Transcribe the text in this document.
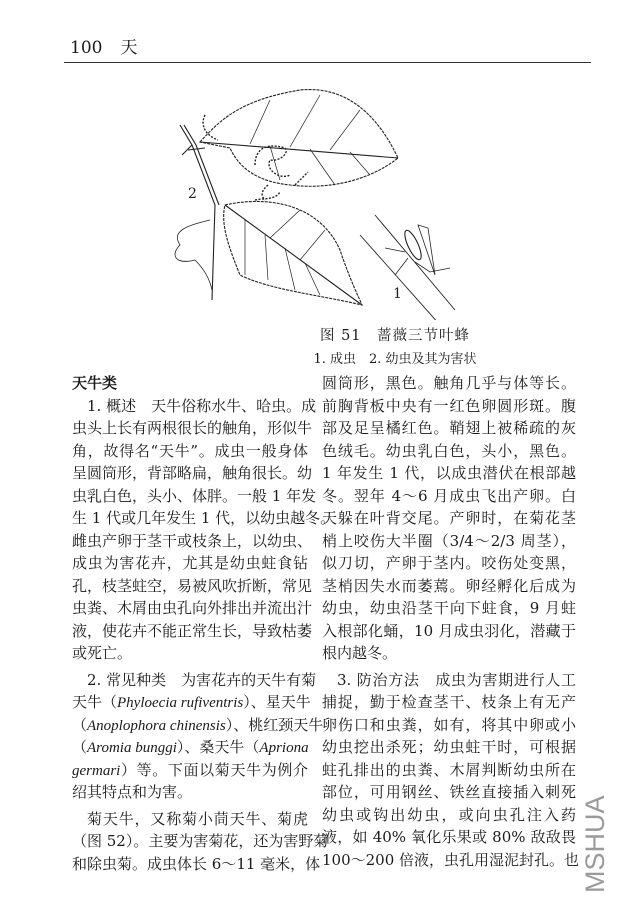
100 天
2
1
图 51　蔷薇三节叶蜂
1. 成虫　2. 幼虫及其为害状
天牛类
1. 概述　天牛俗称水牛、哈虫。成
虫头上长有两根很长的触角，形似牛
角，故得名“天牛”。成虫一般身体
呈圆筒形，背部略扁，触角很长。幼
虫乳白色，头小、体胖。一般 1 年发
生 1 代或几年发生 1 代，以幼虫越冬。
雌虫产卵于茎干或枝条上，以幼虫、
成虫为害花卉，尤其是幼虫蛀食钻
孔，枝茎蛀空，易被风吹折断，常见
虫粪、木屑由虫孔向外排出并流出汁
液，使花卉不能正常生长，导致枯萎
或死亡。
2. 常见种类　为害花卉的天牛有菊
天牛（Phyloecia rufiventris）、星天牛
（Anoplophora chinensis）、桃红颈天牛
（Aromia bunggi）、桑天牛（Apriona
germari）等。下面以菊天牛为例介
绍其特点和为害。
菊天牛，又称菊小茼天牛、菊虎
（图 52）。主要为害菊花，还为害野菊
和除虫菊。成虫体长 6～11 毫米，体
圆筒形，黑色。触角几乎与体等长。
前胸背板中央有一红色卵圆形斑。腹
部及足呈橘红色。鞘翅上被稀疏的灰
色绒毛。幼虫乳白色，头小，黑色。
1 年发生 1 代，以成虫潜伏在根部越
冬。翌年 4～6 月成虫飞出产卵。白
天躲在叶背交尾。产卵时，在菊花茎
梢上咬伤大半圈（3/4～2/3 周茎），
似刀切，产卵于茎内。咬伤处变黑，
茎梢因失水而萎蔫。卵经孵化后成为
幼虫，幼虫沿茎干向下蛀食，9 月蛀
入根部化蛹，10 月成虫羽化，潜藏于
根内越冬。
3. 防治方法　成虫为害期进行人工
捕捉，勤于检查茎干、枝条上有无产
卵伤口和虫粪，如有，将其中卵或小
幼虫挖出杀死；幼虫蛀干时，可根据
蛀孔排出的虫粪、木屑判断幼虫所在
部位，可用钢丝、铁丝直接插入刺死
幼虫或钩出幼虫，或向虫孔注入药
液，如 40% 氧化乐果或 80% 敌敌畏
100～200 倍液，虫孔用湿泥封孔。也 MSHUA
